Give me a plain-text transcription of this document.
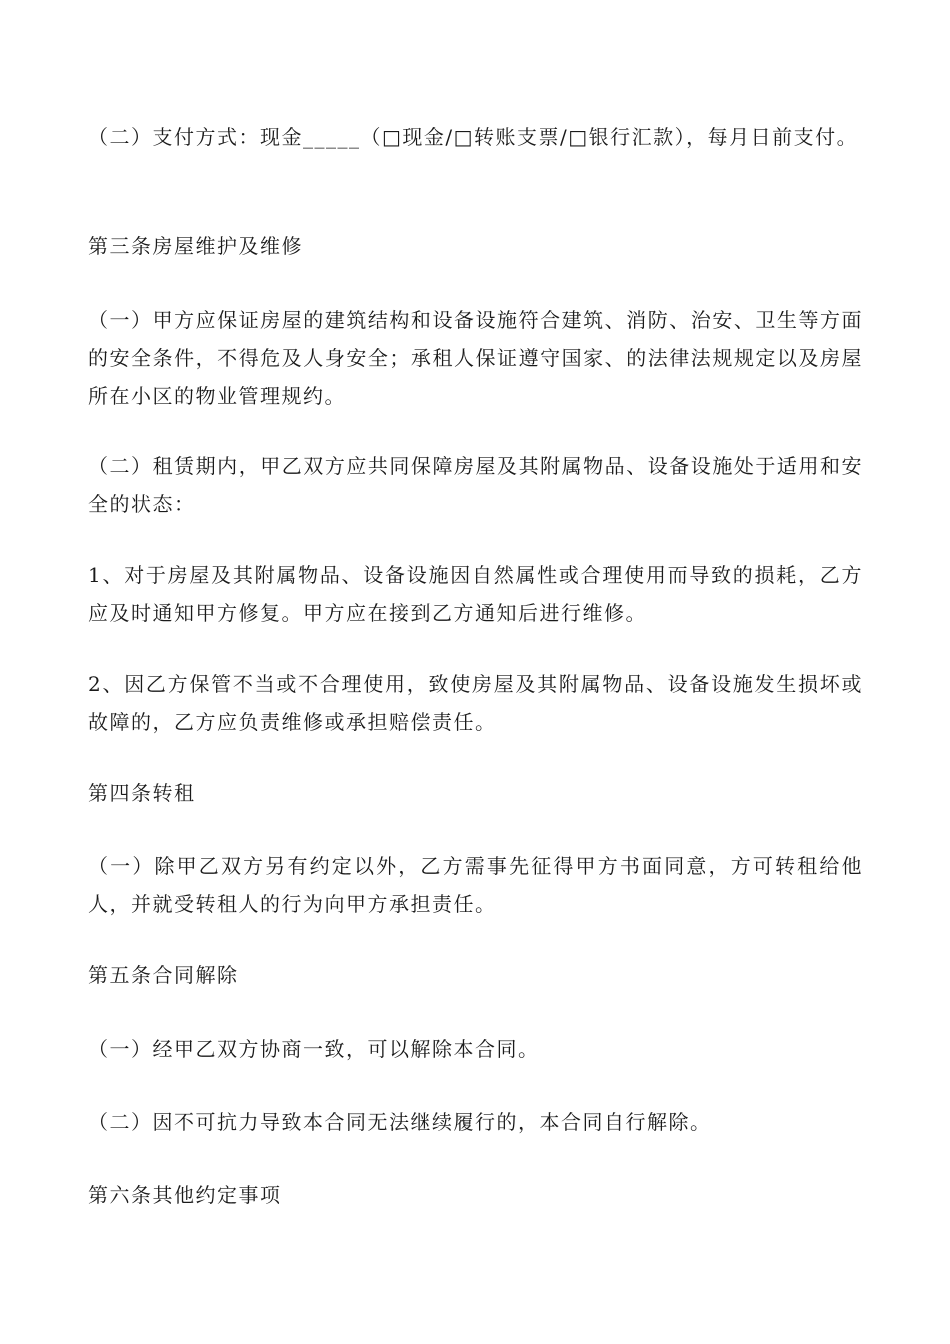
（二）支付方式：现金_____（□现金/□转账支票/□银行汇款），每月日前支付。

第三条房屋维护及维修

（一）甲方应保证房屋的建筑结构和设备设施符合建筑、消防、治安、卫生等方面的安全条件，不得危及人身安全；承租人保证遵守国家、的法律法规规定以及房屋所在小区的物业管理规约。

（二）租赁期内，甲乙双方应共同保障房屋及其附属物品、设备设施处于适用和安全的状态：

1、对于房屋及其附属物品、设备设施因自然属性或合理使用而导致的损耗，乙方应及时通知甲方修复。甲方应在接到乙方通知后进行维修。

2、因乙方保管不当或不合理使用，致使房屋及其附属物品、设备设施发生损坏或故障的，乙方应负责维修或承担赔偿责任。

第四条转租

（一）除甲乙双方另有约定以外，乙方需事先征得甲方书面同意，方可转租给他人，并就受转租人的行为向甲方承担责任。

第五条合同解除

（一）经甲乙双方协商一致，可以解除本合同。

（二）因不可抗力导致本合同无法继续履行的，本合同自行解除。

第六条其他约定事项
